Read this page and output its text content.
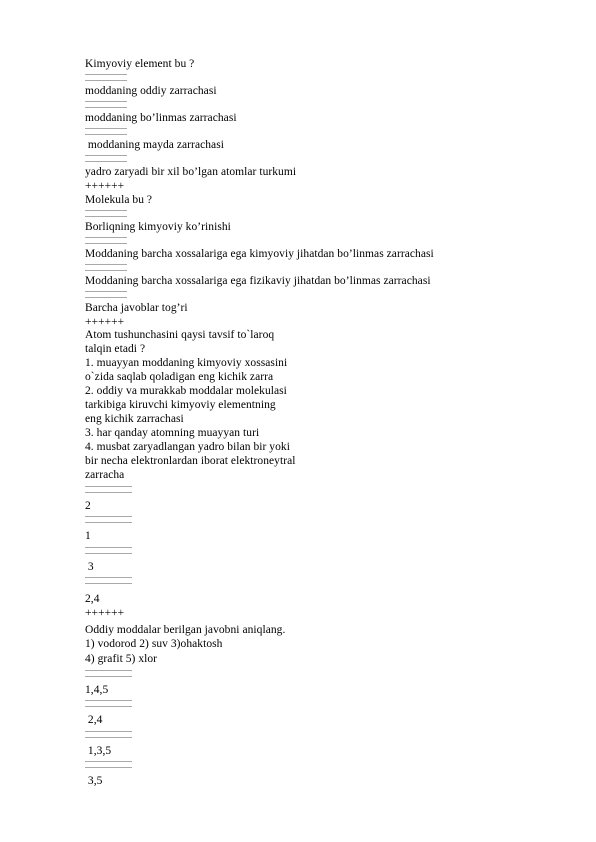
Kimyoviy element bu ?
moddaning oddiy zarrachasi
moddaning bo’linmas zarrachasi
moddaning mayda zarrachasi
yadro zaryadi bir xil bo’lgan atomlar turkumi
++++++
Molekula bu ?
Borliqning kimyoviy ko’rinishi
Moddaning barcha xossalariga ega kimyoviy jihatdan bo’linmas zarrachasi
Moddaning barcha xossalariga ega fizikaviy jihatdan bo’linmas zarrachasi
Barcha javoblar tog’ri
++++++
Atom tushunchasini qaysi tavsif to`laroq
talqin etadi ?
1. muayyan moddaning kimyoviy xossasini
o`zida saqlab qoladigan eng kichik zarra
2. oddiy va murakkab moddalar molekulasi
tarkibiga kiruvchi kimyoviy elementning
eng kichik zarrachasi
3. har qanday atomning muayyan turi
4. musbat zaryadlangan yadro bilan bir yoki
bir necha elektronlardan iborat elektroneytral
zarracha
2
1
3
2,4
++++++
Oddiy moddalar berilgan javobni aniqlang.
1) vodorod 2) suv 3)ohaktosh
4) grafit 5) xlor
1,4,5
2,4
1,3,5
3,5
